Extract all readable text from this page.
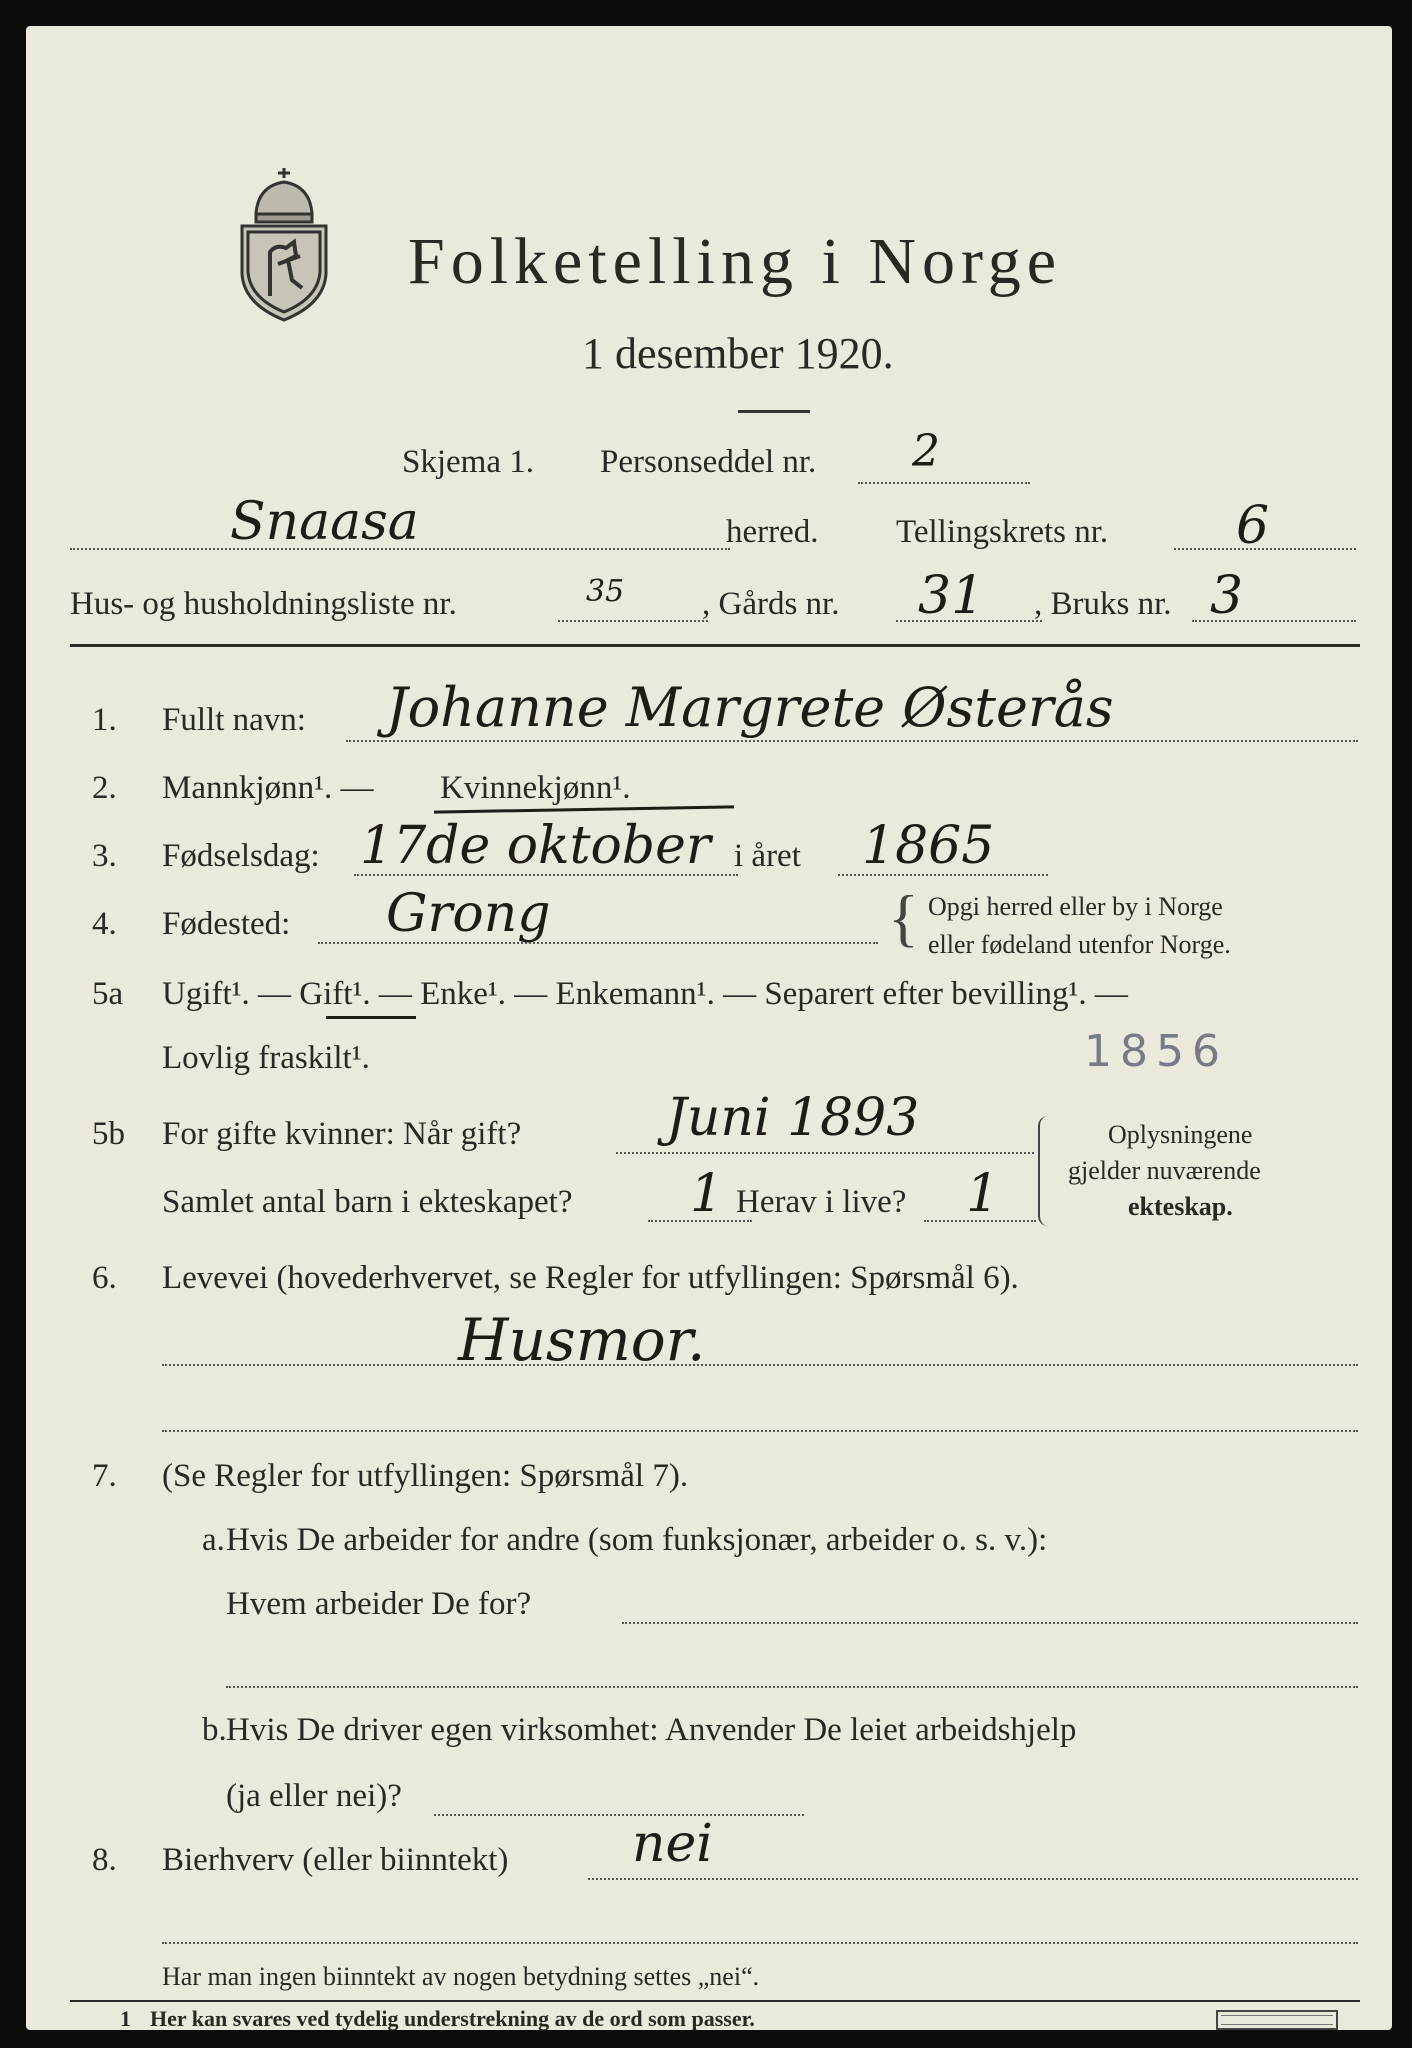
Folketelling i Norge
1 desember 1920.
Skjema 1. Personseddel nr. 2
Snaasa	herred. Tellingskrets nr. 6
Hus- og husholdningsliste nr.	35 , Gårds nr. 31 , Bruks nr. 3
1. Fullt navn: Johanne Margrete Østerås
2. Mannkjønn¹. — Kvinnekjønn¹.
3. Fødselsdag: 17de oktober i året 1865
4. Fødested: Grong	{ Opgi herred eller by i Norge
eller fødeland utenfor Norge.
5a Ugift¹. — Gift¹. — Enke¹. — Enkemann¹. — Separert efter bevilling¹. —
Lovlig fraskilt¹.	1856
5b For gifte kvinner: Når gift?	Juni 1893
Samlet antal barn i ekteskapet? 1 Herav i live? 1
Oplysningene
gjelder nuværende
ekteskap.
6. Levevei (hovederhvervet, se Regler for utfyllingen: Spørsmål 6).
Husmor.
7. (Se Regler for utfyllingen: Spørsmål 7).
a. Hvis De arbeider for andre (som funksjonær, arbeider o. s. v.):
Hvem arbeider De for?
b. Hvis De driver egen virksomhet: Anvender De leiet arbeidshjelp
(ja eller nei)?
8. Bierhverv (eller biinntekt) nei
Har man ingen biinntekt av nogen betydning settes „nei“.
1 Her kan svares ved tydelig understrekning av de ord som passer.
